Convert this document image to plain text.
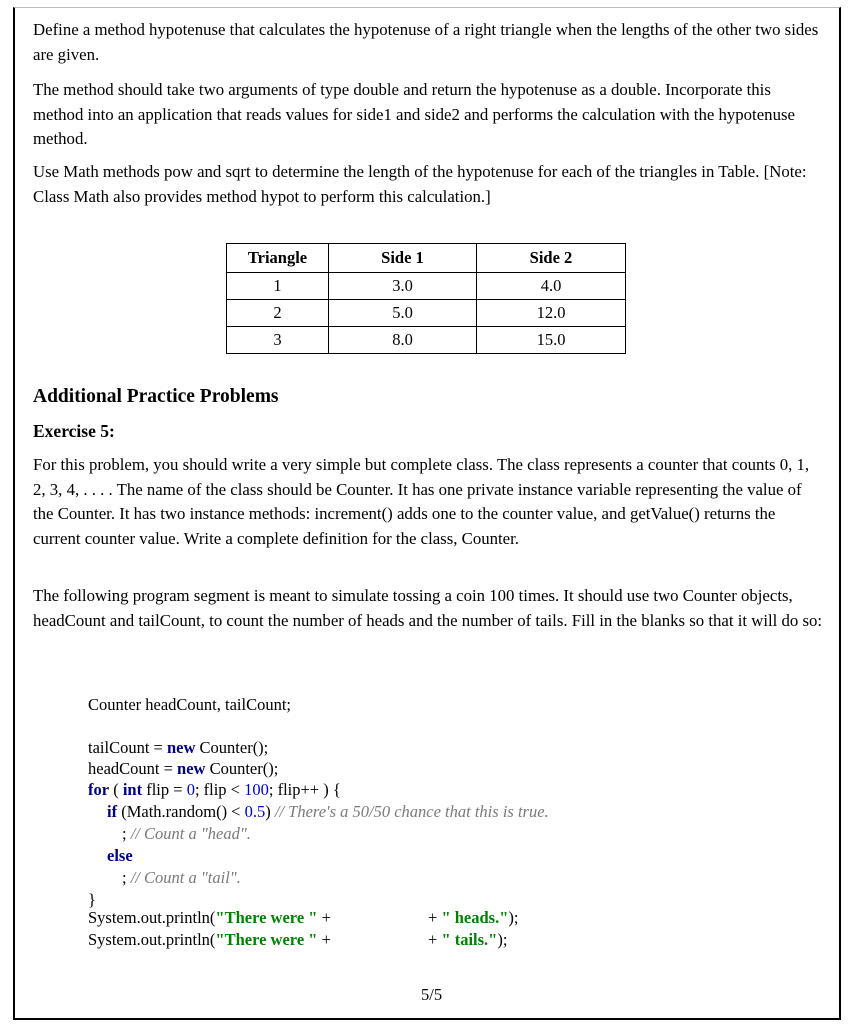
Define a method hypotenuse that calculates the hypotenuse of a right triangle when the lengths of the other two sides are given.

The method should take two arguments of type double and return the hypotenuse as a double. Incorporate this method into an application that reads values for side1 and side2 and performs the calculation with the hypotenuse method.

Use Math methods pow and sqrt to determine the length of the hypotenuse for each of the triangles in Table. [Note: Class Math also provides method hypot to perform this calculation.]

Triangle	Side 1	Side 2
1	3.0	4.0
2	5.0	12.0
3	8.0	15.0
Additional Practice Problems
Exercise 5:

For this problem, you should write a very simple but complete class. The class represents a counter that counts 0, 1, 2, 3, 4, . . . . The name of the class should be Counter. It has one private instance variable representing the value of the Counter. It has two instance methods: increment() adds one to the counter value, and getValue() returns the current counter value. Write a complete definition for the class, Counter.

The following program segment is meant to simulate tossing a coin 100 times. It should use two Counter objects, headCount and tailCount, to count the number of heads and the number of tails. Fill in the blanks so that it will do so:

Counter headCount, tailCount;
tailCount = new Counter();
headCount = new Counter();
for ( int flip = 0; flip < 100; flip++ ) {
if (Math.random() < 0.5) // There's a 50/50 chance that this is true.
; // Count a "head".
else
; // Count a "tail".
}
System.out.println("There were " +	+ " heads.");
System.out.println("There were " +	+ " tails.");
5/5
